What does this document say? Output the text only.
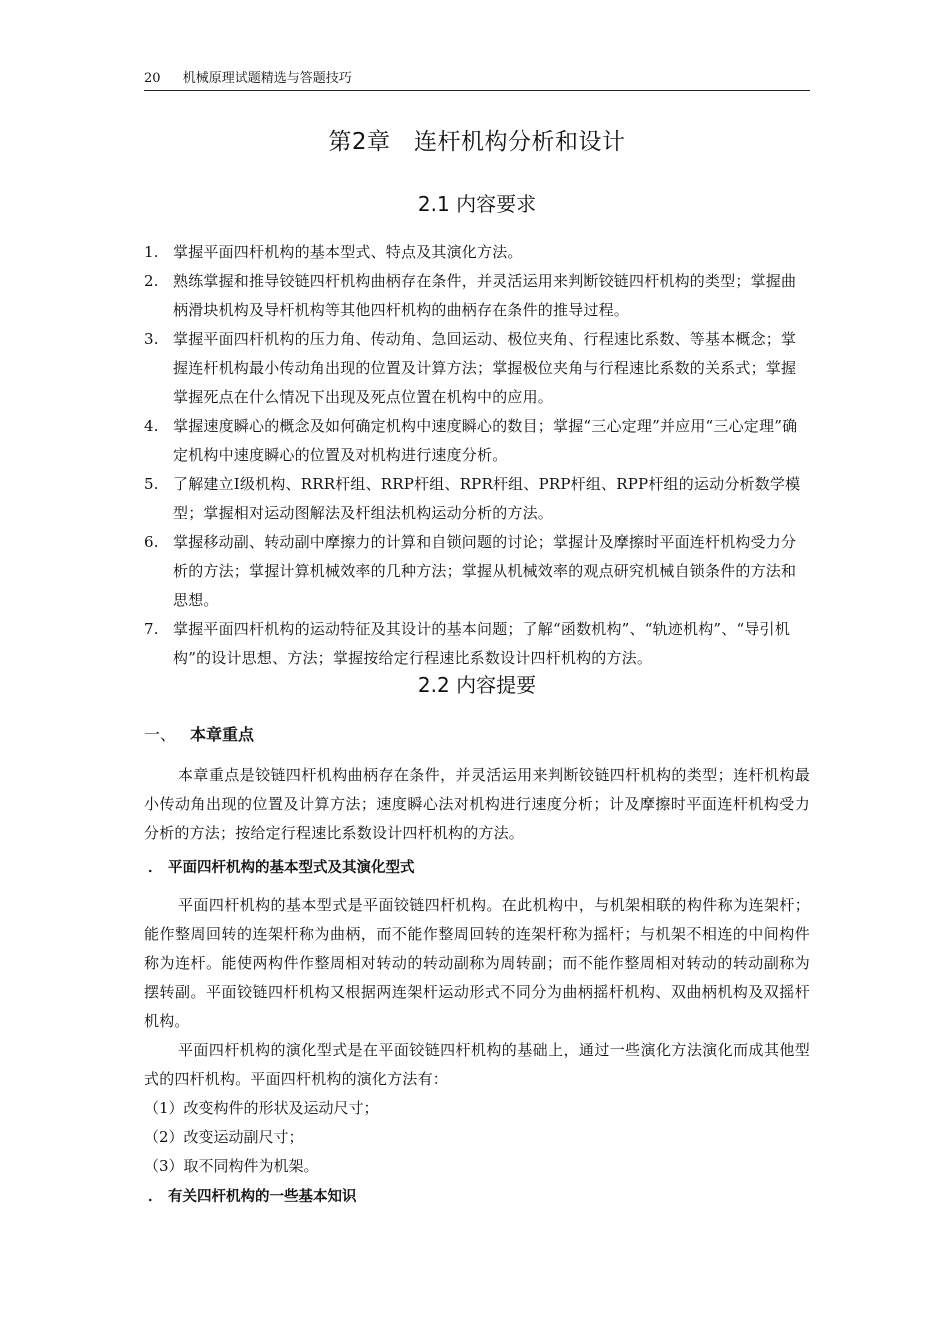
20 机械原理试题精选与答题技巧
第2章　连杆机构分析和设计
2.1 内容要求
1. 掌握平面四杆机构的基本型式、特点及其演化方法。
2. 熟练掌握和推导铰链四杆机构曲柄存在条件，并灵活运用来判断铰链四杆机构的类型；掌握曲柄滑块机构及导杆机构等其他四杆机构的曲柄存在条件的推导过程。
3. 掌握平面四杆机构的压力角、传动角、急回运动、极位夹角、行程速比系数、等基本概念；掌握连杆机构最小传动角出现的位置及计算方法；掌握极位夹角与行程速比系数的关系式；掌握掌握死点在什么情况下出现及死点位置在机构中的应用。
4. 掌握速度瞬心的概念及如何确定机构中速度瞬心的数目；掌握“三心定理”并应用“三心定理”确定机构中速度瞬心的位置及对机构进行速度分析。
5. 了解建立Ⅰ级机构、RRR杆组、RRP杆组、RPR杆组、PRP杆组、RPP杆组的运动分析数学模型；掌握相对运动图解法及杆组法机构运动分析的方法。
6. 掌握移动副、转动副中摩擦力的计算和自锁问题的讨论；掌握计及摩擦时平面连杆机构受力分析的方法；掌握计算机械效率的几种方法；掌握从机械效率的观点研究机械自锁条件的方法和思想。
7. 掌握平面四杆机构的运动特征及其设计的基本问题；了解“函数机构”、“轨迹机构”、“导引机构”的设计思想、方法；掌握按给定行程速比系数设计四杆机构的方法。
2.2 内容提要
一、 本章重点

本章重点是铰链四杆机构曲柄存在条件，并灵活运用来判断铰链四杆机构的类型；连杆机构最小传动角出现的位置及计算方法；速度瞬心法对机构进行速度分析；计及摩擦时平面连杆机构受力分析的方法；按给定行程速比系数设计四杆机构的方法。

． 平面四杆机构的基本型式及其演化型式

平面四杆机构的基本型式是平面铰链四杆机构。在此机构中，与机架相联的构件称为连架杆；能作整周回转的连架杆称为曲柄，而不能作整周回转的连架杆称为摇杆；与机架不相连的中间构件称为连杆。能使两构件作整周相对转动的转动副称为周转副；而不能作整周相对转动的转动副称为摆转副。平面铰链四杆机构又根据两连架杆运动形式不同分为曲柄摇杆机构、双曲柄机构及双摇杆机构。

平面四杆机构的演化型式是在平面铰链四杆机构的基础上，通过一些演化方法演化而成其他型式的四杆机构。平面四杆机构的演化方法有：

（1）改变构件的形状及运动尺寸；
（2）改变运动副尺寸；
（3）取不同构件为机架。
． 有关四杆机构的一些基本知识
